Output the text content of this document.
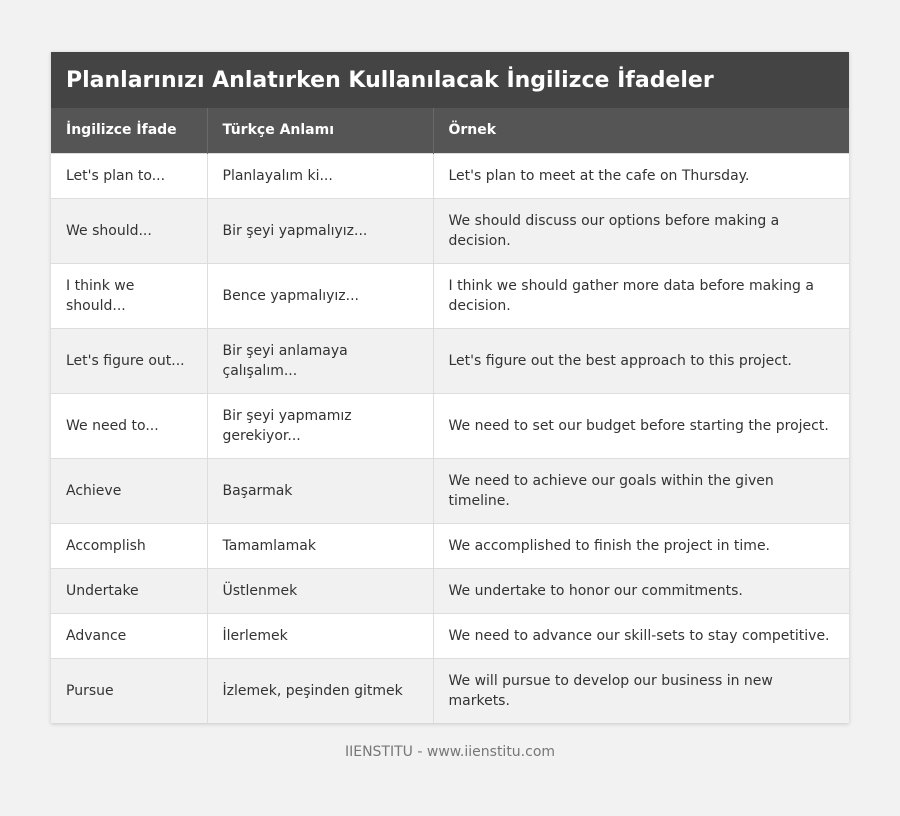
Planlarınızı Anlatırken Kullanılacak İngilizce İfadeler
İngilizce İfade	Türkçe Anlamı	Örnek
Let's plan to...	Planlayalım ki...	Let's plan to meet at the cafe on Thursday.
We should...	Bir şeyi yapmalıyız...	We should discuss our options before making a decision.
I think we should...	Bence yapmalıyız...	I think we should gather more data before making a decision.
Let's figure out...	Bir şeyi anlamaya çalışalım...	Let's figure out the best approach to this project.
We need to...	Bir şeyi yapmamız gerekiyor...	We need to set our budget before starting the project.
Achieve	Başarmak	We need to achieve our goals within the given timeline.
Accomplish	Tamamlamak	We accomplished to finish the project in time.
Undertake	Üstlenmek	We undertake to honor our commitments.
Advance	İlerlemek	We need to advance our skill-sets to stay competitive.
Pursue	İzlemek, peşinden gitmek	We will pursue to develop our business in new markets.
IIENSTITU - www.iienstitu.com
